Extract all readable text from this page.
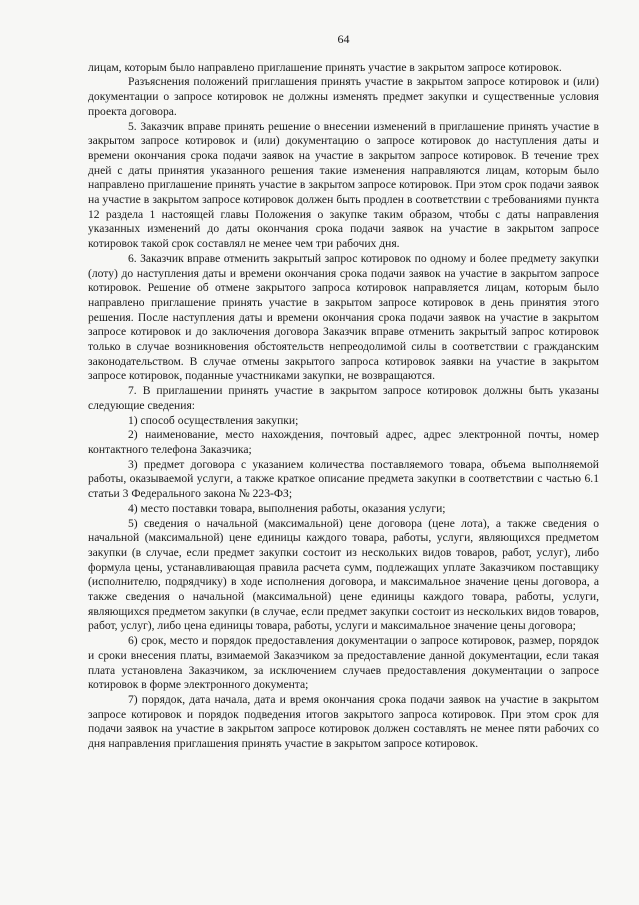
64

лицам, которым было направлено приглашение принять участие в закрытом запросе котировок.

Разъяснения положений приглашения принять участие в закрытом запросе котировок и (или) документации о запросе котировок не должны изменять предмет закупки и существенные условия проекта договора.

5. Заказчик вправе принять решение о внесении изменений в приглашение принять участие в закрытом запросе котировок и (или) документацию о запросе котировок до наступления даты и времени окончания срока подачи заявок на участие в закрытом запросе котировок. В течение трех дней с даты принятия указанного решения такие изменения направляются лицам, которым было направлено приглашение принять участие в закрытом запросе котировок. При этом срок подачи заявок на участие в закрытом запросе котировок должен быть продлен в соответствии с требованиями пункта 12 раздела 1 настоящей главы Положения о закупке таким образом, чтобы с даты направления указанных изменений до даты окончания срока подачи заявок на участие в закрытом запросе котировок такой срок составлял не менее чем три рабочих дня.

6. Заказчик вправе отменить закрытый запрос котировок по одному и более предмету закупки (лоту) до наступления даты и времени окончания срока подачи заявок на участие в закрытом запросе котировок. Решение об отмене закрытого запроса котировок направляется лицам, которым было направлено приглашение принять участие в закрытом запросе котировок в день принятия этого решения. После наступления даты и времени окончания срока подачи заявок на участие в закрытом запросе котировок и до заключения договора Заказчик вправе отменить закрытый запрос котировок только в случае возникновения обстоятельств непреодолимой силы в соответствии с гражданским законодательством. В случае отмены закрытого запроса котировок заявки на участие в закрытом запросе котировок, поданные участниками закупки, не возвращаются.

7. В приглашении принять участие в закрытом запросе котировок должны быть указаны следующие сведения:

1) способ осуществления закупки;

2) наименование, место нахождения, почтовый адрес, адрес электронной почты, номер контактного телефона Заказчика;

3) предмет договора с указанием количества поставляемого товара, объема выполняемой работы, оказываемой услуги, а также краткое описание предмета закупки в соответствии с частью 6.1 статьи 3 Федерального закона № 223-ФЗ;

4) место поставки товара, выполнения работы, оказания услуги;

5) сведения о начальной (максимальной) цене договора (цене лота), а также сведения о начальной (максимальной) цене единицы каждого товара, работы, услуги, являющихся предметом закупки (в случае, если предмет закупки состоит из нескольких видов товаров, работ, услуг), либо формула цены, устанавливающая правила расчета сумм, подлежащих уплате Заказчиком поставщику (исполнителю, подрядчику) в ходе исполнения договора, и максимальное значение цены договора, а также сведения о начальной (максимальной) цене единицы каждого товара, работы, услуги, являющихся предметом закупки (в случае, если предмет закупки состоит из нескольких видов товаров, работ, услуг), либо цена единицы товара, работы, услуги и максимальное значение цены договора;

6) срок, место и порядок предоставления документации о запросе котировок, размер, порядок и сроки внесения платы, взимаемой Заказчиком за предоставление данной документации, если такая плата установлена Заказчиком, за исключением случаев предоставления документации о запросе котировок в форме электронного документа;

7) порядок, дата начала, дата и время окончания срока подачи заявок на участие в закрытом запросе котировок и порядок подведения итогов закрытого запроса котировок. При этом срок для подачи заявок на участие в закрытом запросе котировок должен составлять не менее пяти рабочих со дня направления приглашения принять участие в закрытом запросе котировок.
